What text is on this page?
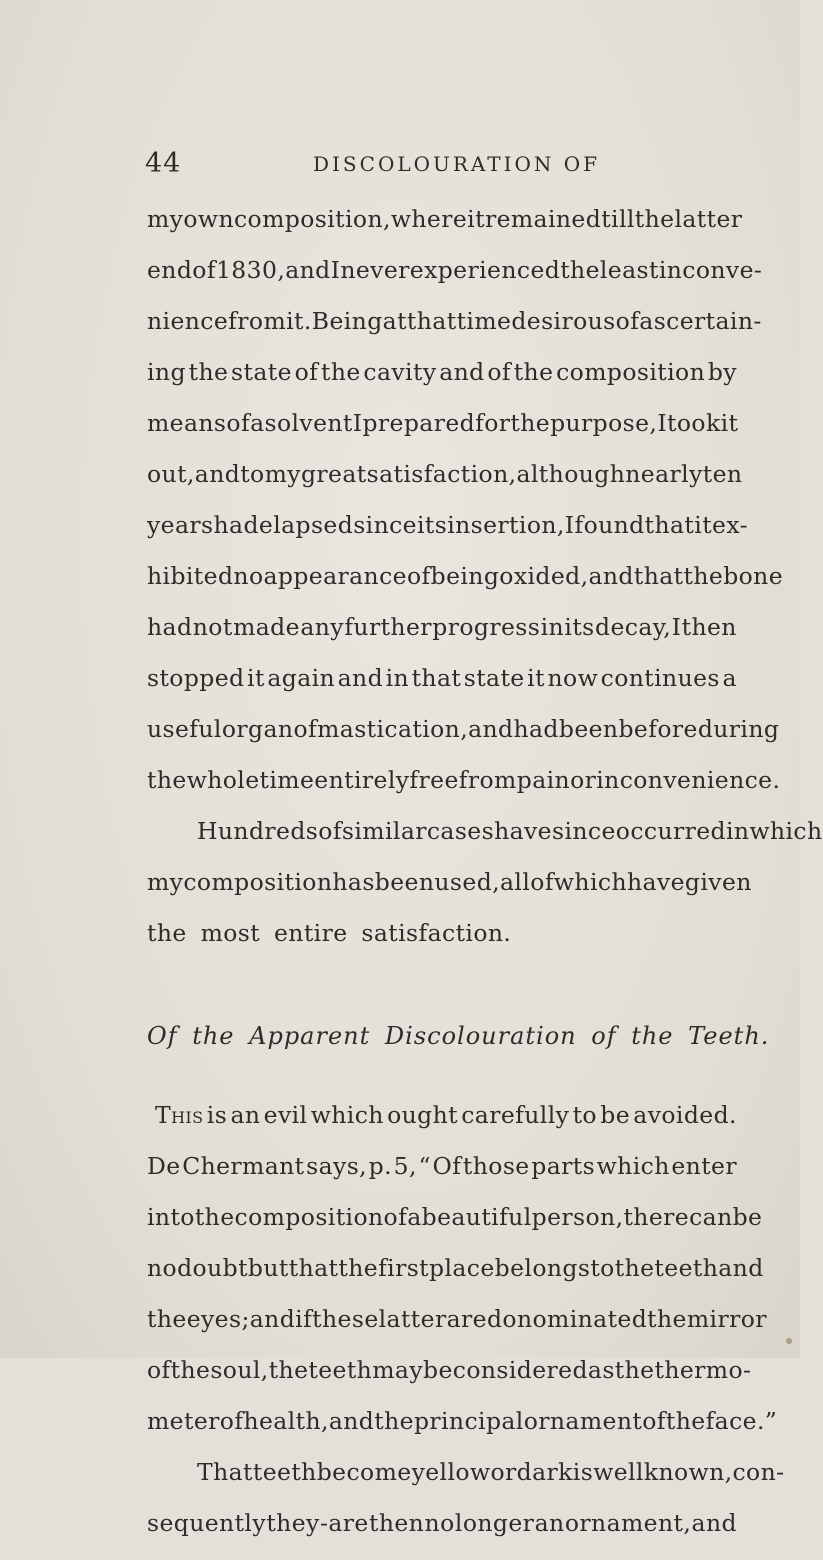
44	DISCOLOURATION OF
my own composition, where it remained till the latter
end of 1830, and I never experienced the least inconve-
nience from it. Being at that time desirous of ascertain-
ing the state of the cavity and of the composition by
means of a solvent I prepared for the purpose, I took it
out, and to my great satisfaction, although nearly ten
years had elapsed since its insertion, I found that it ex-
hibited no appearance of being oxided, and that the bone
had not made any further progress in its decay, I then
stopped it again and in that state it now continues a
useful organ of mastication, and had been before during
the whole time entirely free from pain or inconvenience.
Hundreds of similar cases have since occurred in which
my composition has been used, all of which have given
the
most
entire
satisfaction.
Of the Apparent Discolouration of the Teeth.
This is an evil which ought carefully to be avoided.
De Chermant says, p. 5, “ Of those parts which enter
into the composition of a beautiful person, there can be
no doubt but that the first place belongs to the teeth and
the eyes; and if these latter are donominated the mirror
of the soul, the teeth may be considered as the thermo-
meter of health, and the principal ornament of the face.”
That teeth become yellow or dark is well known, con-
sequently they -are then no longer an ornament, and
